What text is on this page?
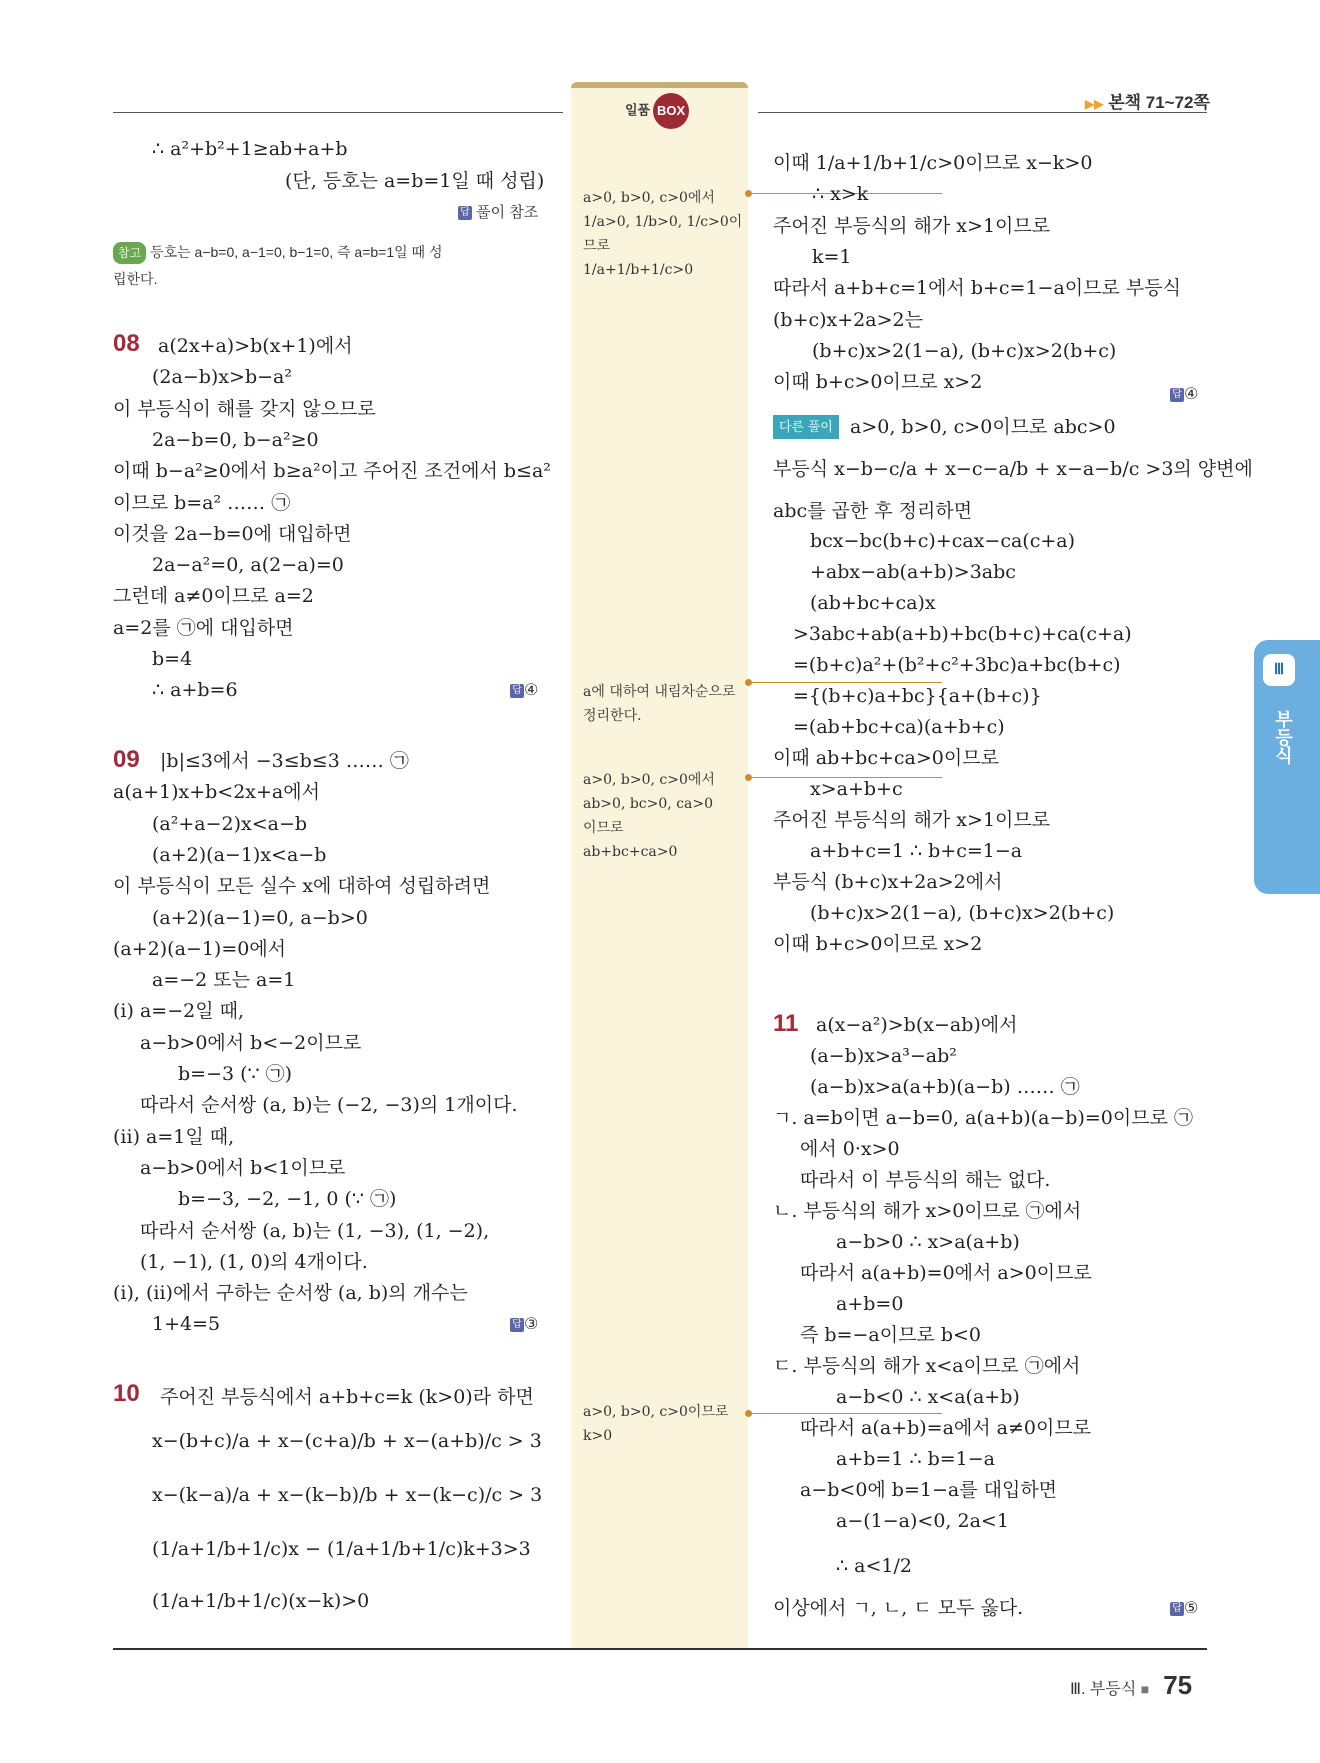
일품 BOX	▶▶ 본책 71~72쪽
Ⅲ
부등식
Ⅲ. 부등식 ■ 75
∴ a²+b²+1≥ab+a+b
(단, 등호는 a=b=1일 때 성립)
답 풀이 참조
참고 등호는 a−b=0, a−1=0, b−1=0, 즉 a=b=1일 때 성
립한다.
08 a(2x+a)>b(x+1)에서
(2a−b)x>b−a²
이 부등식이 해를 갖지 않으므로
2a−b=0, b−a²≥0
이때 b−a²≥0에서 b≥a²이고 주어진 조건에서 b≤a²
이므로 b=a² …… ㉠
이것을 2a−b=0에 대입하면
2a−a²=0, a(2−a)=0
그런데 a≠0이므로 a=2
a=2를 ㉠에 대입하면
b=4
∴ a+b=6	답 ④
09 |b|≤3에서 −3≤b≤3 …… ㉠
a(a+1)x+b<2x+a에서
(a²+a−2)x<a−b
(a+2)(a−1)x<a−b
이 부등식이 모든 실수 x에 대하여 성립하려면
(a+2)(a−1)=0, a−b>0
(a+2)(a−1)=0에서
a=−2 또는 a=1
(i) a=−2일 때,
a−b>0에서 b<−2이므로
b=−3 (∵ ㉠)
따라서 순서쌍 (a, b)는 (−2, −3)의 1개이다.
(ii) a=1일 때,
a−b>0에서 b<1이므로
b=−3, −2, −1, 0 (∵ ㉠)
따라서 순서쌍 (a, b)는 (1, −3), (1, −2),
(1, −1), (1, 0)의 4개이다.
(i), (ii)에서 구하는 순서쌍 (a, b)의 개수는
1+4=5	답 ③
10 주어진 부등식에서 a+b+c=k (k>0)라 하면
x−(b+c)/a + x−(c+a)/b + x−(a+b)/c > 3
x−(k−a)/a + x−(k−b)/b + x−(k−c)/c > 3
(1/a+1/b+1/c)x − (1/a+1/b+1/c)k+3>3
(1/a+1/b+1/c)(x−k)>0
a>0, b>0, c>0에서
1/a>0, 1/b>0, 1/c>0이
므로
1/a+1/b+1/c>0
a에 대하여 내림차순으로
정리한다.
a>0, b>0, c>0에서
ab>0, bc>0, ca>0
이므로
ab+bc+ca>0
a>0, b>0, c>0이므로
k>0
이때 1/a+1/b+1/c>0이므로 x−k>0
∴ x>k
주어진 부등식의 해가 x>1이므로
k=1
따라서 a+b+c=1에서 b+c=1−a이므로 부등식
(b+c)x+2a>2는
(b+c)x>2(1−a), (b+c)x>2(b+c)
이때 b+c>0이므로 x>2
답 ④
다른 풀이 a>0, b>0, c>0이므로 abc>0
부등식 x−b−c/a + x−c−a/b + x−a−b/c >3의 양변에
abc를 곱한 후 정리하면
bcx−bc(b+c)+cax−ca(c+a)
+abx−ab(a+b)>3abc
(ab+bc+ca)x
>3abc+ab(a+b)+bc(b+c)+ca(c+a)
=(b+c)a²+(b²+c²+3bc)a+bc(b+c)
={(b+c)a+bc}{a+(b+c)}
=(ab+bc+ca)(a+b+c)
이때 ab+bc+ca>0이므로
x>a+b+c
주어진 부등식의 해가 x>1이므로
a+b+c=1 ∴ b+c=1−a
부등식 (b+c)x+2a>2에서
(b+c)x>2(1−a), (b+c)x>2(b+c)
이때 b+c>0이므로 x>2
11 a(x−a²)>b(x−ab)에서
(a−b)x>a³−ab²
(a−b)x>a(a+b)(a−b) …… ㉠
ㄱ. a=b이면 a−b=0, a(a+b)(a−b)=0이므로 ㉠
에서 0·x>0
따라서 이 부등식의 해는 없다.
ㄴ. 부등식의 해가 x>0이므로 ㉠에서
a−b>0 ∴ x>a(a+b)
따라서 a(a+b)=0에서 a>0이므로
a+b=0
즉 b=−a이므로 b<0
ㄷ. 부등식의 해가 x<a이므로 ㉠에서
a−b<0 ∴ x<a(a+b)
따라서 a(a+b)=a에서 a≠0이므로
a+b=1 ∴ b=1−a
a−b<0에 b=1−a를 대입하면
a−(1−a)<0, 2a<1
∴ a<1/2
이상에서 ㄱ, ㄴ, ㄷ 모두 옳다.	답 ⑤
